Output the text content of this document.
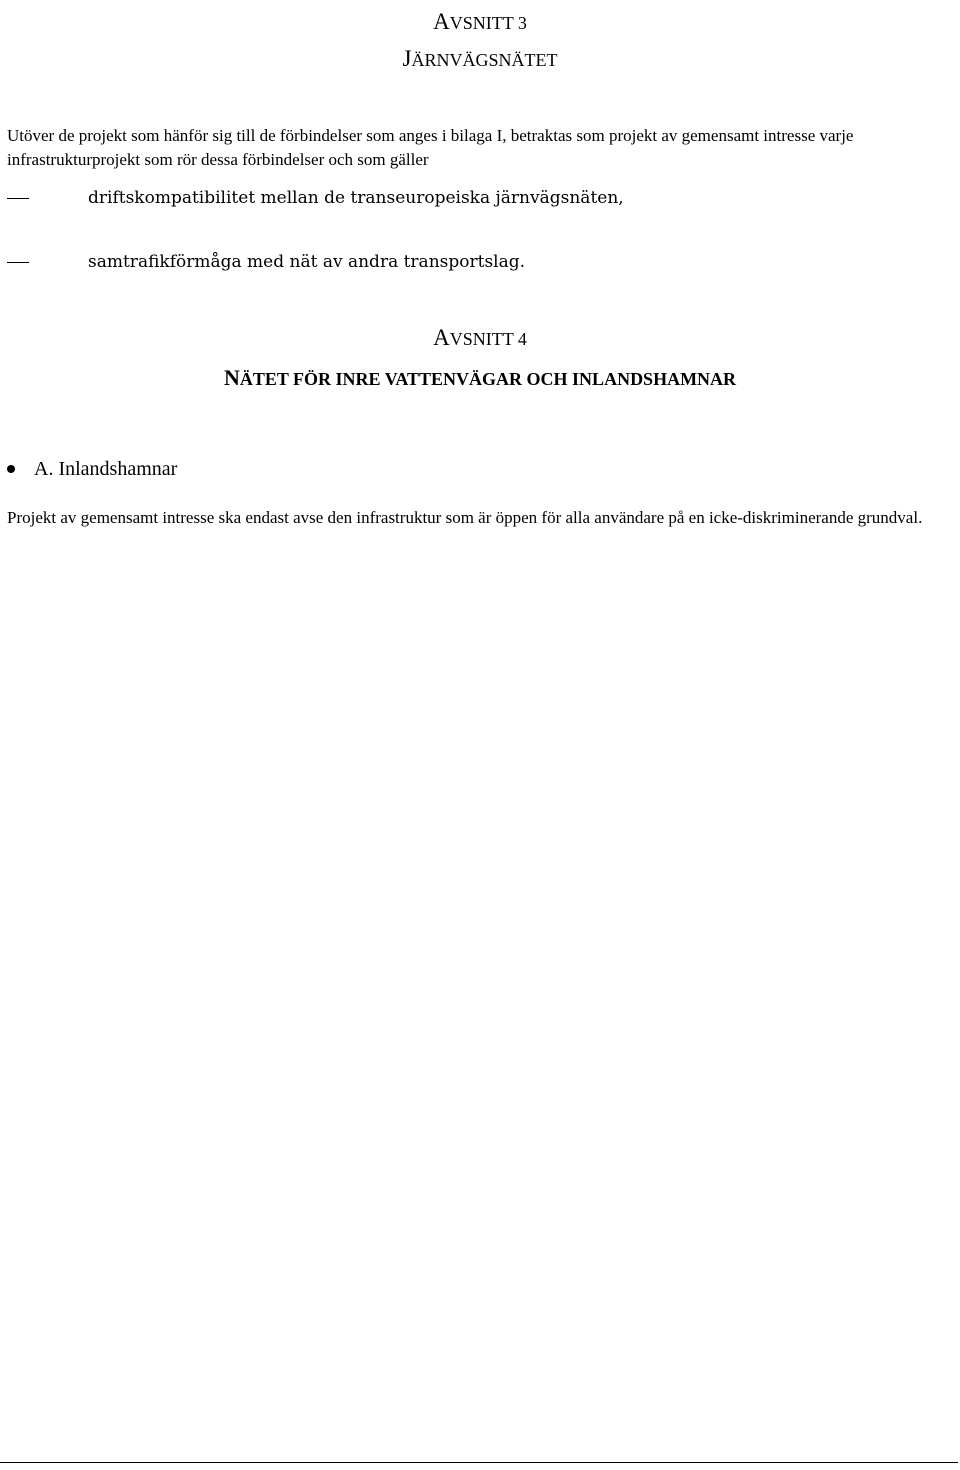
AVSNITT 3
JÄRNVÄGSNÄTET

Utöver de projekt som hänför sig till de förbindelser som anges i bilaga I, betraktas som projekt av gemensamt intresse varje infrastrukturprojekt som rör dessa förbindelser och som gäller

driftskompatibilitet mellan de transeuropeiska järnvägsnäten,
samtrafikförmåga med nät av andra transportslag.
AVSNITT 4
NÄTET FÖR INRE VATTENVÄGAR OCH INLANDSHAMNAR
A. Inlandshamnar

Projekt av gemensamt intresse ska endast avse den infrastruktur som är öppen för alla användare på en icke-diskriminerande grundval.
